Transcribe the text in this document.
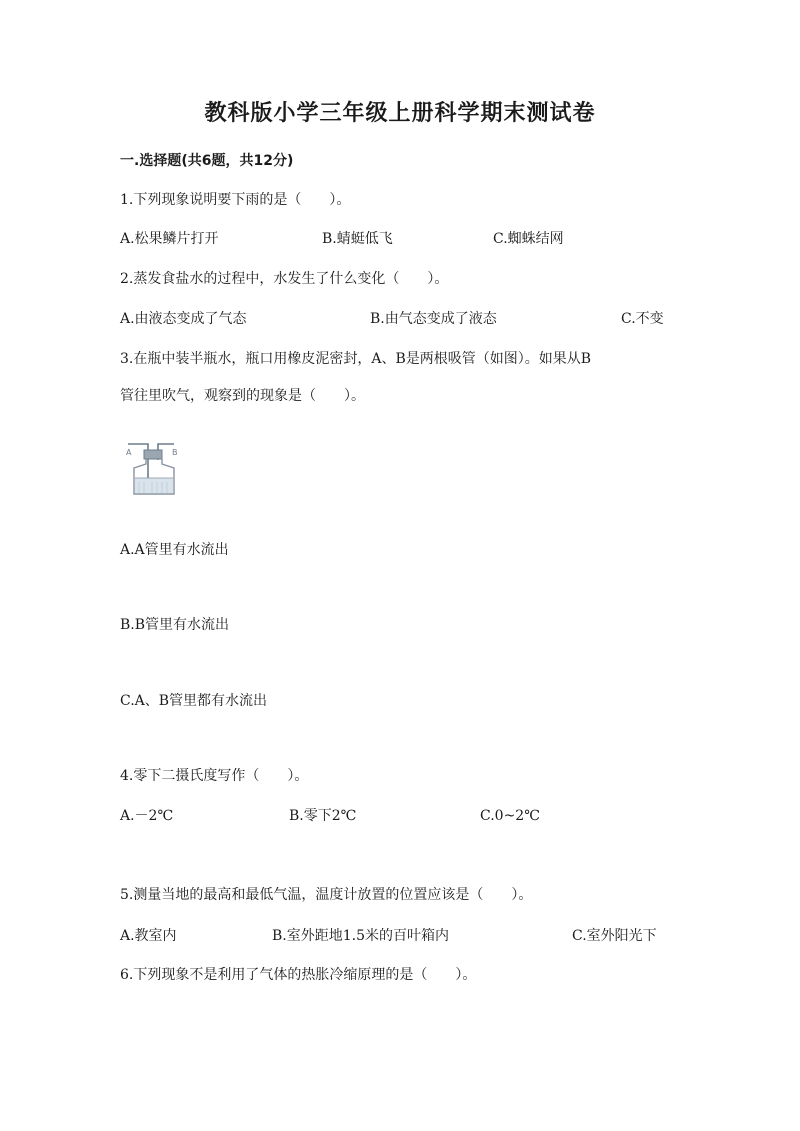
教科版小学三年级上册科学期末测试卷
一.选择题(共6题，共12分)
1.下列现象说明要下雨的是（　　）。
A.松果鳞片打开	B.蜻蜓低飞	C.蜘蛛结网
2.蒸发食盐水的过程中，水发生了什么变化（　　）。
A.由液态变成了气态	B.由气态变成了液态	C.不变
3.在瓶中装半瓶水，瓶口用橡皮泥密封，A、B是两根吸管（如图）。如果从B
管往里吹气，观察到的现象是（　　）。
A	B
A.A管里有水流出
B.B管里有水流出
C.A、B管里都有水流出
4.零下二摄氏度写作（　　）。
A.－2℃	B.零下2℃	C.0~2℃
5.测量当地的最高和最低气温，温度计放置的位置应该是（　　）。
A.教室内	B.室外距地1.5米的百叶箱内	C.室外阳光下
6.下列现象不是利用了气体的热胀冷缩原理的是（　　）。
